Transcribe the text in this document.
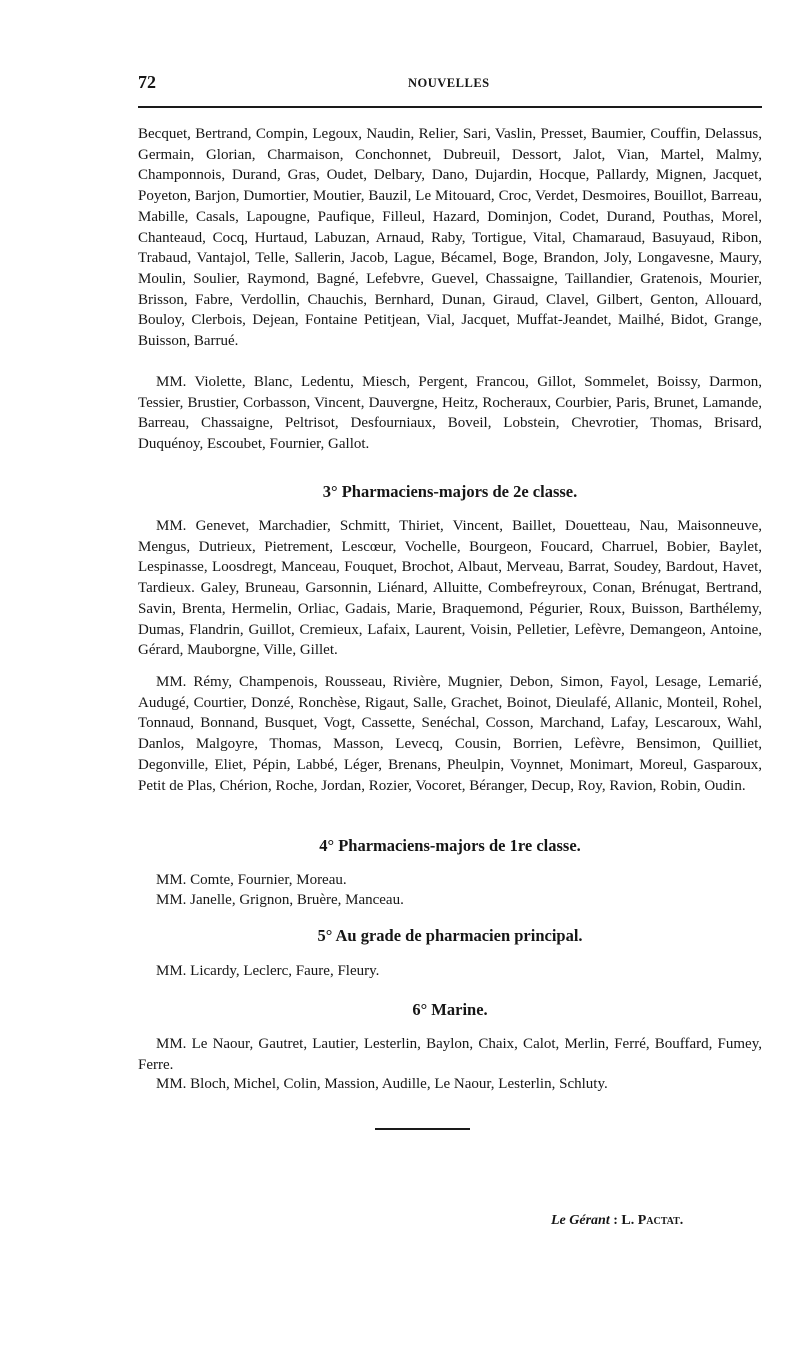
72	NOUVELLES

Becquet, Bertrand, Compin, Legoux, Naudin, Relier, Sari, Vaslin, Presset, Baumier, Couffin, Delassus, Germain, Glorian, Charmaison, Conchonnet, Dubreuil, Dessort, Jalot, Vian, Martel, Malmy, Champonnois, Durand, Gras, Oudet, Delbary, Dano, Dujardin, Hocque, Pallardy, Mignen, Jacquet, Poyeton, Barjon, Dumortier, Moutier, Bauzil, Le Mitouard, Croc, Verdet, Desmoires, Bouillot, Barreau, Mabille, Casals, Lapougne, Paufique, Filleul, Hazard, Dominjon, Codet, Durand, Pouthas, Morel, Chanteaud, Cocq, Hurtaud, Labuzan, Arnaud, Raby, Tortigue, Vital, Chamaraud, Basuyaud, Ribon, Trabaud, Vantajol, Telle, Sallerin, Jacob, Lague, Bécamel, Boge, Brandon, Joly, Longavesne, Maury, Moulin, Soulier, Raymond, Bagné, Lefebvre, Guevel, Chassaigne, Taillandier, Gratenois, Mourier, Brisson, Fabre, Verdollin, Chauchis, Bernhard, Dunan, Giraud, Clavel, Gilbert, Genton, Allouard, Bouloy, Clerbois, Dejean, Fontaine Petitjean, Vial, Jacquet, Muffat-Jeandet, Mailhé, Bidot, Grange, Buisson, Barrué.

MM. Violette, Blanc, Ledentu, Miesch, Pergent, Francou, Gillot, Sommelet, Boissy, Darmon, Tessier, Brustier, Corbasson, Vincent, Dauvergne, Heitz, Rocheraux, Courbier, Paris, Brunet, Lamande, Barreau, Chassaigne, Peltrisot, Desfourniaux, Boveil, Lobstein, Chevrotier, Thomas, Brisard, Duquénoy, Escoubet, Fournier, Gallot.

3° Pharmaciens-majors de 2e classe.

MM. Genevet, Marchadier, Schmitt, Thiriet, Vincent, Baillet, Douetteau, Nau, Maisonneuve, Mengus, Dutrieux, Pietrement, Lescœur, Vochelle, Bourgeon, Foucard, Charruel, Bobier, Baylet, Lespinasse, Loosdregt, Manceau, Fouquet, Brochot, Albaut, Merveau, Barrat, Soudey, Bardout, Havet, Tardieux. Galey, Bruneau, Garsonnin, Liénard, Alluitte, Combefreyroux, Conan, Brénugat, Bertrand, Savin, Brenta, Hermelin, Orliac, Gadais, Marie, Braquemond, Pégurier, Roux, Buisson, Barthélemy, Dumas, Flandrin, Guillot, Cremieux, Lafaix, Laurent, Voisin, Pelletier, Lefèvre, Demangeon, Antoine, Gérard, Mauborgne, Ville, Gillet.

MM. Rémy, Champenois, Rousseau, Rivière, Mugnier, Debon, Simon, Fayol, Lesage, Lemarié, Audugé, Courtier, Donzé, Ronchèse, Rigaut, Salle, Grachet, Boinot, Dieulafé, Allanic, Monteil, Rohel, Tonnaud, Bonnand, Busquet, Vogt, Cassette, Senéchal, Cosson, Marchand, Lafay, Lescaroux, Wahl, Danlos, Malgoyre, Thomas, Masson, Levecq, Cousin, Borrien, Lefèvre, Bensimon, Quilliet, Degonville, Eliet, Pépin, Labbé, Léger, Brenans, Pheulpin, Voynnet, Monimart, Moreul, Gasparoux, Petit de Plas, Chérion, Roche, Jordan, Rozier, Vocoret, Béranger, Decup, Roy, Ravion, Robin, Oudin.

4° Pharmaciens-majors de 1re classe.

MM. Comte, Fournier, Moreau.

MM. Janelle, Grignon, Bruère, Manceau.

5° Au grade de pharmacien principal.

MM. Licardy, Leclerc, Faure, Fleury.

6° Marine.

MM. Le Naour, Gautret, Lautier, Lesterlin, Baylon, Chaix, Calot, Merlin, Ferré, Bouffard, Fumey, Ferre.

MM. Bloch, Michel, Colin, Massion, Audille, Le Naour, Lesterlin, Schluty.

Le Gérant : L. Pactat.
